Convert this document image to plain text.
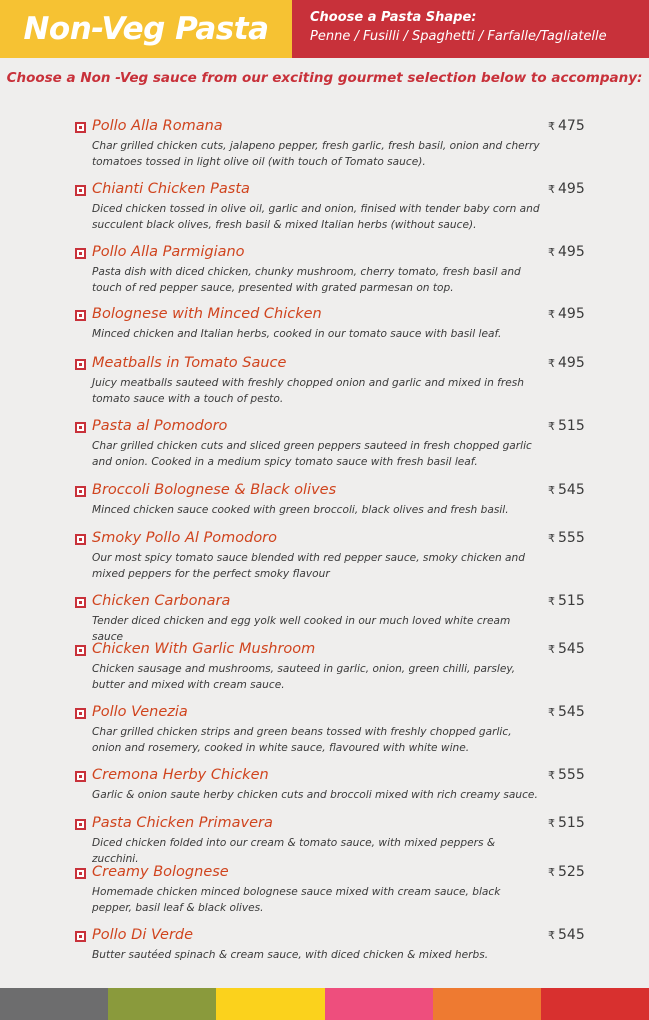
Non-Veg Pasta	Choose a Pasta Shape:
Penne / Fusilli / Spaghetti / Farfalle/Tagliatelle
Choose a Non -Veg sauce from our exciting gourmet selection below to accompany:
Pollo Alla Romana
Char grilled chicken cuts, jalapeno pepper, fresh garlic, fresh basil, onion and cherry tomatoes tossed in light olive oil (with touch of Tomato sauce).
₹ 475
Chianti Chicken Pasta
Diced chicken tossed in olive oil, garlic and onion, finised with tender baby corn and succulent black olives, fresh basil & mixed Italian herbs (without sauce).
₹ 495
Pollo Alla Parmigiano
Pasta dish with diced chicken, chunky mushroom, cherry tomato, fresh basil and touch of red pepper sauce, presented with grated parmesan on top.
₹ 495
Bolognese with Minced Chicken
Minced chicken and Italian herbs, cooked in our tomato sauce with basil leaf.
₹ 495
Meatballs in Tomato Sauce
Juicy meatballs sauteed with freshly chopped onion and garlic and mixed in fresh tomato sauce with a touch of pesto.
₹ 495
Pasta al Pomodoro
Char grilled chicken cuts and sliced green peppers sauteed in fresh chopped garlic and onion. Cooked in a medium spicy tomato sauce with fresh basil leaf.
₹ 515
Broccoli Bolognese & Black olives
Minced chicken sauce cooked with green broccoli, black olives and fresh basil.
₹ 545
Smoky Pollo Al Pomodoro
Our most spicy tomato sauce blended with red pepper sauce, smoky chicken and mixed peppers for the perfect smoky flavour
₹ 555
Chicken Carbonara
Tender diced chicken and egg yolk well cooked in our much loved white cream sauce
₹ 515
Chicken With Garlic Mushroom
Chicken sausage and mushrooms, sauteed in garlic, onion, green chilli, parsley, butter and mixed with cream sauce.
₹ 545
Pollo Venezia
Char grilled chicken strips and green beans tossed with freshly chopped garlic, onion and rosemery, cooked in white sauce, flavoured with white wine.
₹ 545
Cremona Herby Chicken
Garlic & onion saute herby chicken cuts and broccoli mixed with rich creamy sauce.
₹ 555
Pasta Chicken Primavera
Diced chicken folded into our cream & tomato sauce, with mixed peppers & zucchini.
₹ 515
Creamy Bolognese
Homemade chicken minced bolognese sauce mixed with cream sauce, black pepper, basil leaf & black olives.
₹ 525
Pollo Di Verde
Butter sautéed spinach & cream sauce, with diced chicken & mixed herbs.
₹ 545
